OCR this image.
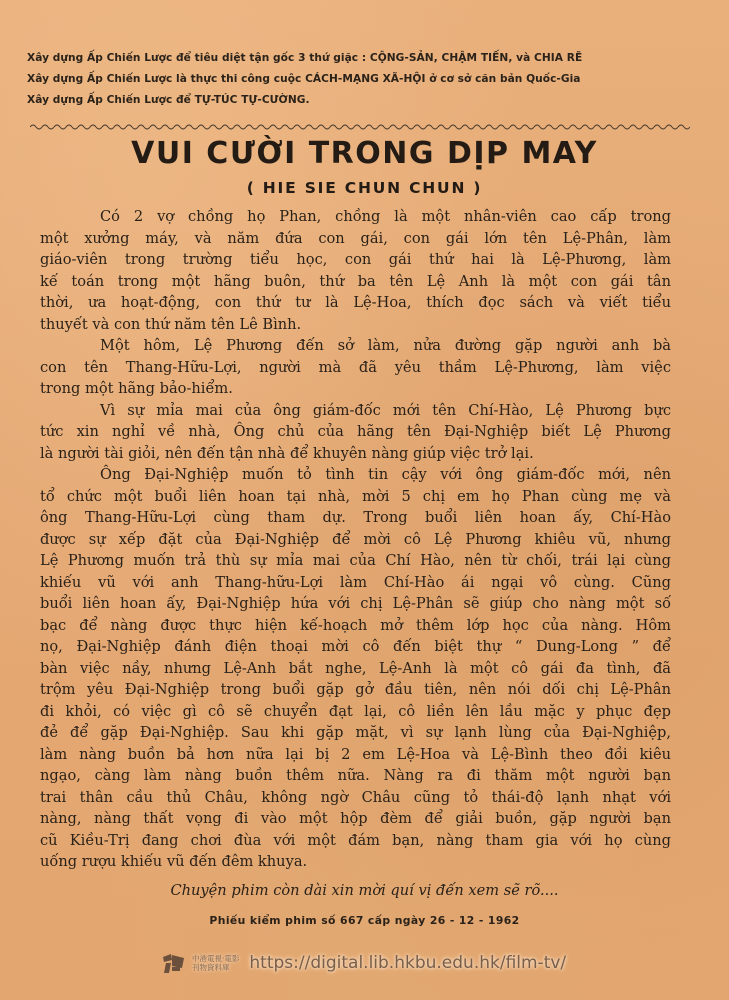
Xây dựng Ấp Chiến Lược để tiêu diệt tận gốc 3 thứ giặc : CỘNG-SẢN, CHẬM TIẾN, và CHIA RẼ
Xây dựng Ấp Chiến Lược là thực thi công cuộc CÁCH-MẠNG XÃ-HỘI ở cơ sở căn bản Quốc-Gia
Xây dựng Ấp Chiến Lược để TỰ-TÚC TỰ-CƯỜNG.
VUI CƯỜI TRONG DỊP MAY
( HIE SIE CHUN CHUN )

Có 2 vợ chồng họ Phan, chồng là một nhân-viên cao cấp trong
một xưởng máy, và năm đứa con gái, con gái lớn tên Lệ-Phân, làm
giáo-viên trong trường tiểu học, con gái thứ hai là Lệ-Phương, làm
kế toán trong một hãng buôn, thứ ba tên Lệ Anh là một con gái tân
thời, ưa hoạt-động, con thứ tư là Lệ-Hoa, thích đọc sách và viết tiểu
thuyết và con thứ năm tên Lê Bình.

Một hôm, Lệ Phương đến sở làm, nửa đường gặp người anh bà
con tên Thang-Hữu-Lợi, người mà đã yêu thầm Lệ-Phương, làm việc
trong một hãng bảo-hiểm.

Vì sự mỉa mai của ông giám-đốc mới tên Chí-Hào, Lệ Phương bực
tức xin nghỉ về nhà, Ông chủ của hãng tên Đại-Nghiệp biết Lệ Phương
là người tài giỏi, nên đến tận nhà để khuyên nàng giúp việc trở lại.

Ông Đại-Nghiệp muốn tỏ tình tin cậy với ông giám-đốc mới, nên
tổ chức một buổi liên hoan tại nhà, mời 5 chị em họ Phan cùng mẹ và
ông Thang-Hữu-Lợi cùng tham dự. Trong buổi liên hoan ấy, Chí-Hào
được sự xếp đặt của Đại-Nghiệp để mời cô Lệ Phương khiêu vũ, nhưng
Lệ Phương muốn trả thù sự mỉa mai của Chí Hào, nên từ chối, trái lại cùng
khiếu vũ với anh Thang-hữu-Lợi làm Chí-Hào ái ngại vô cùng. Cũng
buổi liên hoan ấy, Đại-Nghiệp hứa với chị Lệ-Phân sẽ giúp cho nàng một số
bạc để nàng được thực hiện kế-hoạch mở thêm lớp học của nàng. Hôm
nọ, Đại-Nghiệp đánh điện thoại mời cô đến biệt thự “ Dung-Long ” để
bàn việc nầy, nhưng Lệ-Anh bắt nghe, Lệ-Anh là một cô gái đa tình, đã
trộm yêu Đại-Nghiệp trong buổi gặp gở đầu tiên, nên nói dối chị Lệ-Phân
đi khỏi, có việc gì cô sẽ chuyển đạt lại, cô liền lên lầu mặc y phục đẹp
đẻ để gặp Đại-Nghiệp. Sau khi gặp mặt, vì sự lạnh lùng của Đại-Nghiệp,
làm nàng buồn bả hơn nữa lại bị 2 em Lệ-Hoa và Lệ-Bình theo đồi kiêu
ngạo, càng làm nàng buồn thêm nữa. Nàng ra đi thăm một người bạn
trai thân cầu thủ Châu, không ngờ Châu cũng tỏ thái-độ lạnh nhạt với
nàng, nàng thất vọng đi vào một hộp đèm để giải buồn, gặp người bạn
cũ Kiều-Trị đang chơi đùa với một đám bạn, nàng tham gia với họ cùng
uống rượu khiếu vũ đến đêm khuya.

Chuyện phim còn dài xin mời quí vị đến xem sẽ rõ....
Phiếu kiểm phim số 667 cấp ngày 26 - 12 - 1962
中港電視‧電影
刊物資料庫	https://digital.lib.hkbu.edu.hk/film-tv/
